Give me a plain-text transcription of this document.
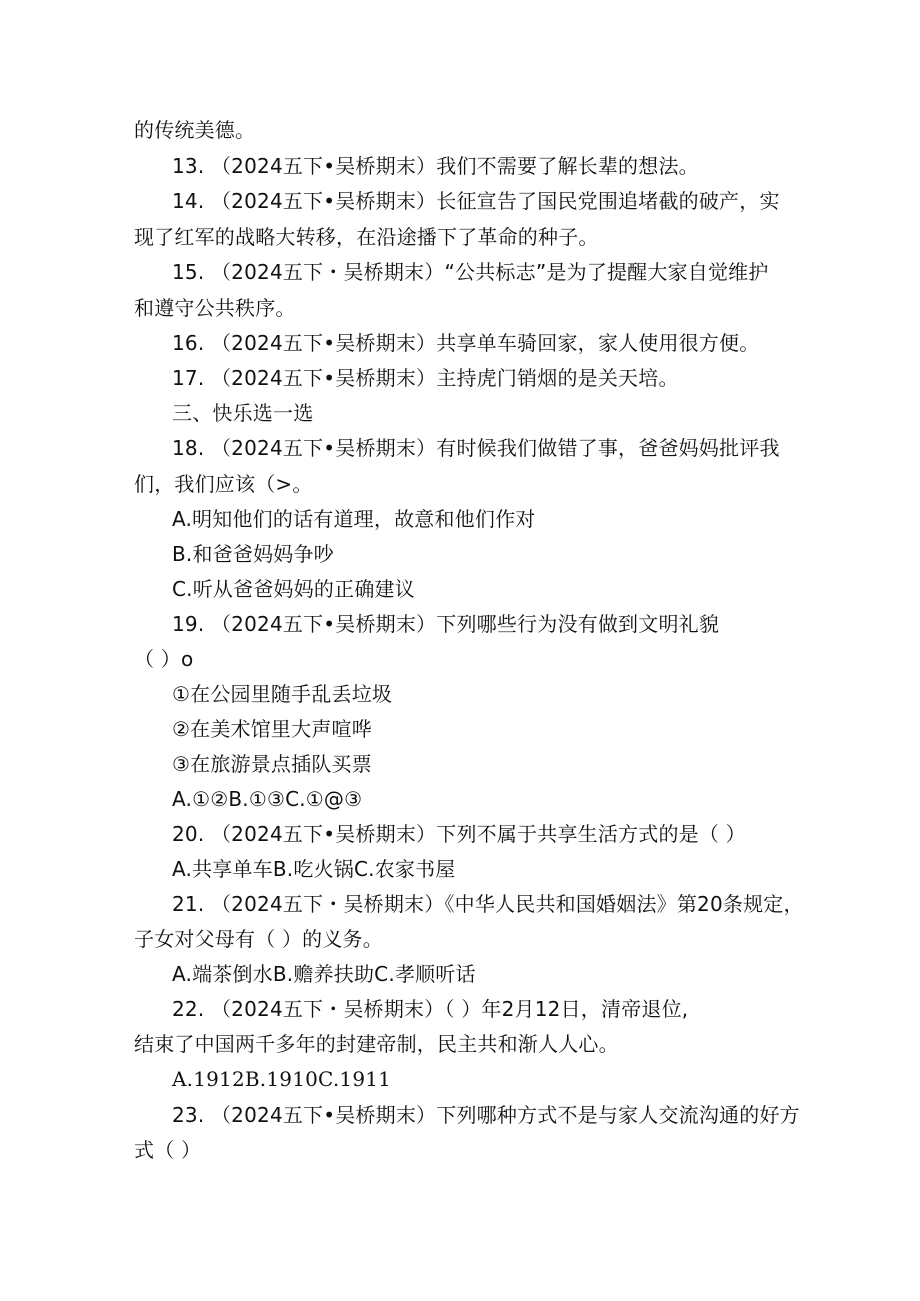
的传统美德。
13. （2024五下•吴桥期末）我们不需要了解长辈的想法。
14. （2024五下•吴桥期末）长征宣告了国民党围追堵截的破产，实
现了红军的战略大转移，在沿途播下了革命的种子。
15. （2024五下・吴桥期末）“公共标志”是为了提醒大家自觉维护
和遵守公共秩序。
16. （2024五下•吴桥期末）共享单车骑回家，家人使用很方便。
17. （2024五下•吴桥期末）主持虎门销烟的是关天培。
三、快乐选一选
18. （2024五下•吴桥期末）有时候我们做错了事，爸爸妈妈批评我
们，我们应该（>。
A.明知他们的话有道理，故意和他们作对
B.和爸爸妈妈争吵
C.听从爸爸妈妈的正确建议
19. （2024五下•吴桥期末）下列哪些行为没有做到文明礼貌
（ ）o
①在公园里随手乱丢垃圾
②在美术馆里大声喧哗
③在旅游景点插队买票
A.①②B.①③C.①@③
20. （2024五下•吴桥期末）下列不属于共享生活方式的是（ ）
A.共享单车B.吃火锅C.农家书屋
21. （2024五下・吴桥期末）《中华人民共和国婚姻法》第20条规定，
子女对父母有（ ）的义务。
A.端茶倒水B.赡养扶助C.孝顺听话
22. （2024五下・吴桥期末）（ ）年2月12日，清帝退位,
结束了中国两千多年的封建帝制，民主共和渐人人心。
A.1912B.1910C.1911
23. （2024五下•吴桥期末）下列哪种方式不是与家人交流沟通的好方
式（ ）
